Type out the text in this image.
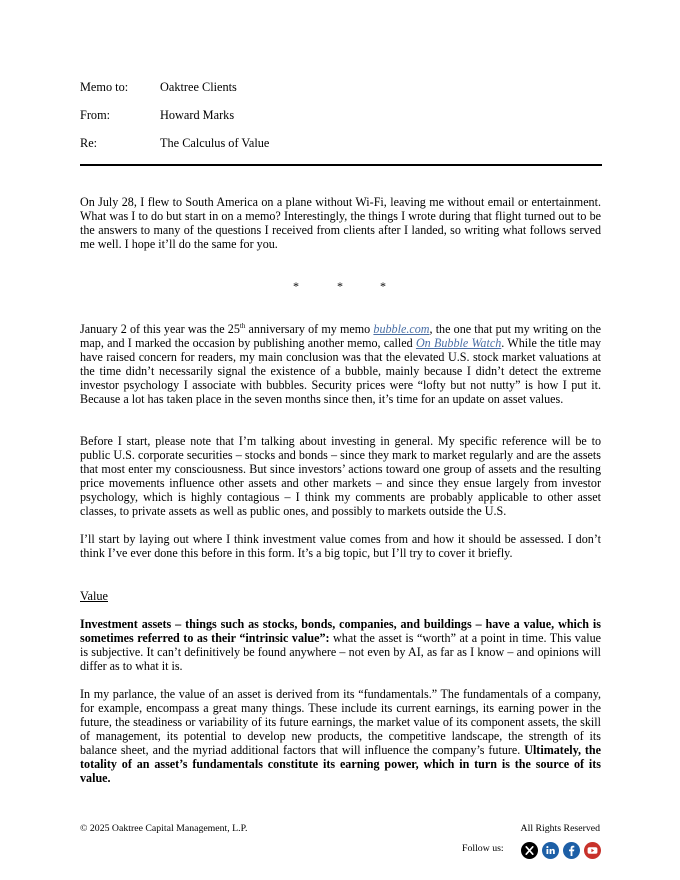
Memo to:	Oaktree Clients
From:	Howard Marks
Re:	The Calculus of Value

On July 28, I flew to South America on a plane without Wi-Fi, leaving me without email or entertainment. What was I to do but start in on a memo? Interestingly, the things I wrote during that flight turned out to be the answers to many of the questions I received from clients after I landed, so writing what follows served me well. I hope it’ll do the same for you.

*	*	*

January 2 of this year was the 25th anniversary of my memo bubble.com, the one that put my writing on the map, and I marked the occasion by publishing another memo, called On Bubble Watch. While the title may have raised concern for readers, my main conclusion was that the elevated U.S. stock market valuations at the time didn’t necessarily signal the existence of a bubble, mainly because I didn’t detect the extreme investor psychology I associate with bubbles. Security prices were “lofty but not nutty” is how I put it. Because a lot has taken place in the seven months since then, it’s time for an update on asset values.

Before I start, please note that I’m talking about investing in general. My specific reference will be to public U.S. corporate securities – stocks and bonds – since they mark to market regularly and are the assets that most enter my consciousness. But since investors’ actions toward one group of assets and the resulting price movements influence other assets and other markets – and since they ensue largely from investor psychology, which is highly contagious – I think my comments are probably applicable to other asset classes, to private assets as well as public ones, and possibly to markets outside the U.S.

I’ll start by laying out where I think investment value comes from and how it should be assessed. I don’t think I’ve ever done this before in this form. It’s a big topic, but I’ll try to cover it briefly.

Value

Investment assets – things such as stocks, bonds, companies, and buildings – have a value, which is sometimes referred to as their “intrinsic value”: what the asset is “worth” at a point in time. This value is subjective. It can’t definitively be found anywhere – not even by AI, as far as I know – and opinions will differ as to what it is.

In my parlance, the value of an asset is derived from its “fundamentals.” The fundamentals of a company, for example, encompass a great many things. These include its current earnings, its earning power in the future, the steadiness or variability of its future earnings, the market value of its component assets, the skill of management, its potential to develop new products, the competitive landscape, the strength of its balance sheet, and the myriad additional factors that will influence the company’s future. Ultimately, the totality of an asset’s fundamentals constitute its earning power, which in turn is the source of its value.

© 2025 Oaktree Capital Management, L.P.	All Rights Reserved
Follow us:
